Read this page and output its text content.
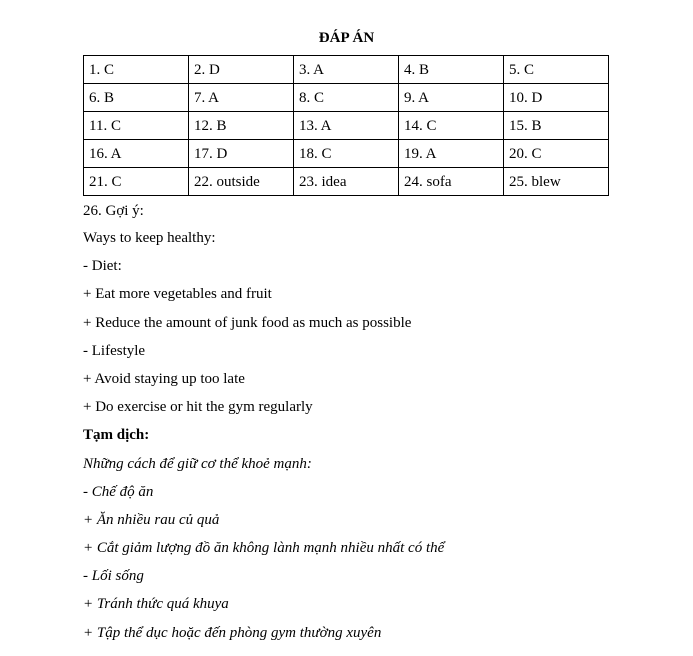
ĐÁP ÁN
1. C	2. D	3. A	4. B	5. C
6. B	7. A	8. C	9. A	10. D
11. C	12. B	13. A	14. C	15. B
16. A	17. D	18. C	19. A	20. C
21. C	22. outside	23. idea	24. sofa	25. blew
26. Gợi ý:
Ways to keep healthy:
- Diet:
+ Eat more vegetables and fruit
+ Reduce the amount of junk food as much as possible
- Lifestyle
+ Avoid staying up too late
+ Do exercise or hit the gym regularly
Tạm dịch:
Những cách để giữ cơ thể khoẻ mạnh:
- Chế độ ăn
+ Ăn nhiều rau củ quả
+ Cắt giảm lượng đồ ăn không lành mạnh nhiều nhất có thể
- Lối sống
+ Tránh thức quá khuya
+ Tập thể dục hoặc đến phòng gym thường xuyên
